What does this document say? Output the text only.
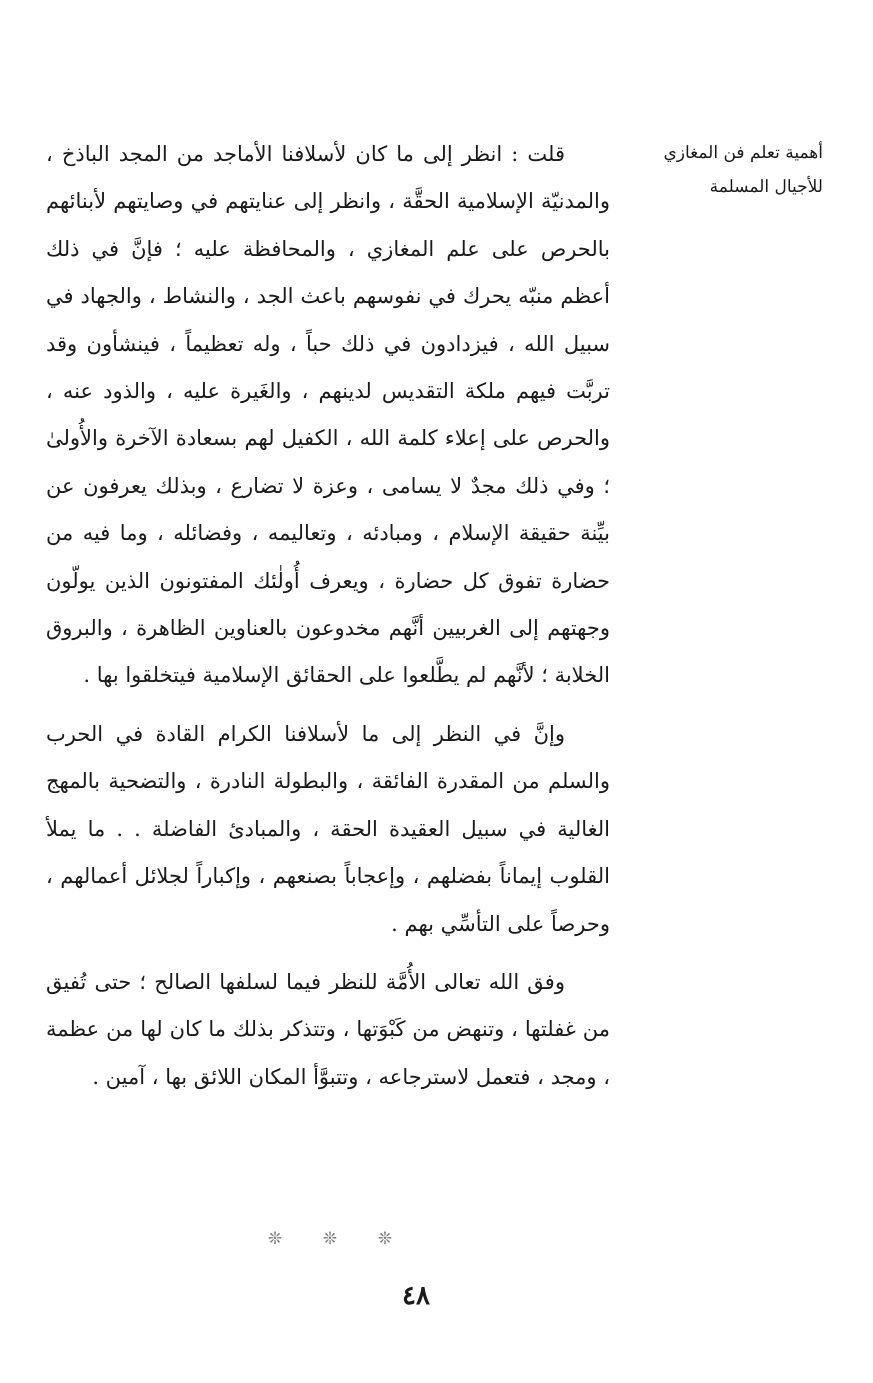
أهمية تعلم فن المغازي
للأجيال المسلمة

قلت : انظر إلى ما كان لأسلافنا الأماجد من المجد الباذخ ، والمدنيّة الإسلامية الحقَّة ، وانظر إلى عنايتهم في وصايتهم لأبنائهم بالحرص على علم المغازي ، والمحافظة عليه ؛ فإنَّ في ذلك أعظم منبّه يحرك في نفوسهم باعث الجد ، والنشاط ، والجهاد في سبيل الله ، فيزدادون في ذلك حباً ، وله تعظيماً ، فينشأون وقد تربَّت فيهم ملكة التقديس لدينهم ، والغَيرة عليه ، والذود عنه ، والحرص على إعلاء كلمة الله ، الكفيل لهم بسعادة الآخرة والأُولىٰ ؛ وفي ذلك مجدٌ لا يسامى ، وعزة لا تضارع ، وبذلك يعرفون عن بيِّنة حقيقة الإسلام ، ومبادئه ، وتعاليمه ، وفضائله ، وما فيه من حضارة تفوق كل حضارة ، ويعرف أُولٰئك المفتونون الذين يولّون وجهتهم إلى الغربيين أنَّهم مخدوعون بالعناوين الظاهرة ، والبروق الخلابة ؛ لأنَّهم لم يطَّلعوا على الحقائق الإسلامية فيتخلقوا بها .

وإنَّ في النظر إلى ما لأسلافنا الكرام القادة في الحرب والسلم من المقدرة الفائقة ، والبطولة النادرة ، والتضحية بالمهج الغالية في سبيل العقيدة الحقة ، والمبادئ الفاضلة . . ما يملأ القلوب إيماناً بفضلهم ، وإعجاباً بصنعهم ، وإكباراً لجلائل أعمالهم ، وحرصاً على التأسِّي بهم .

وفق الله تعالى الأُمَّة للنظر فيما لسلفها الصالح ؛ حتى تُفيق من غفلتها ، وتنهض من كَبْوَتها ، وتتذكر بذلك ما كان لها من عظمة ، ومجد ، فتعمل لاسترجاعه ، وتتبوَّأ المكان اللائق بها ، آمين .

❊	❊	❊
٤٨
